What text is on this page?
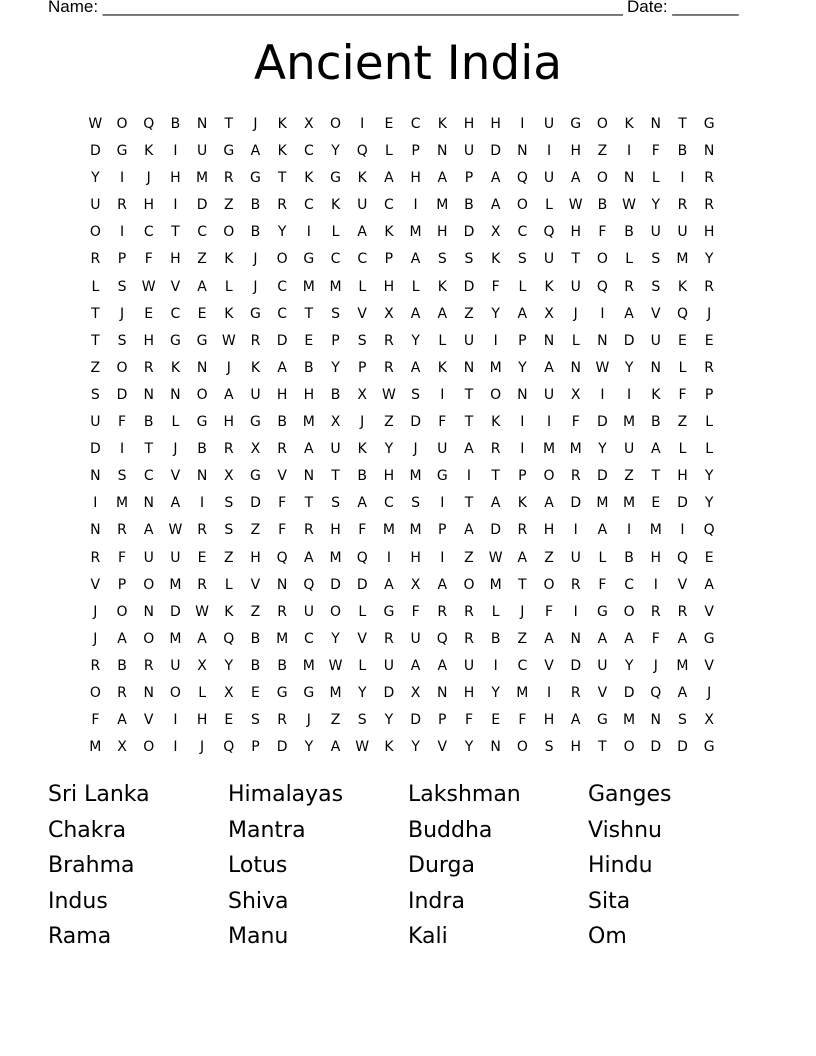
Name: _______________________________________________________ Date: _______
Ancient India
W	O	Q	B	N	T	J	K	X	O	I	E	C	K	H	H	I	U	G	O	K	N	T	G
D	G	K	I	U	G	A	K	C	Y	Q	L	P	N	U	D	N	I	H	Z	I	F	B	N
Y	I	J	H	M	R	G	T	K	G	K	A	H	A	P	A	Q	U	A	O	N	L	I	R
U	R	H	I	D	Z	B	R	C	K	U	C	I	M	B	A	O	L	W	B	W	Y	R	R
O	I	C	T	C	O	B	Y	I	L	A	K	M	H	D	X	C	Q	H	F	B	U	U	H
R	P	F	H	Z	K	J	O	G	C	C	P	A	S	S	K	S	U	T	O	L	S	M	Y
L	S	W	V	A	L	J	C	M	M	L	H	L	K	D	F	L	K	U	Q	R	S	K	R
T	J	E	C	E	K	G	C	T	S	V	X	A	A	Z	Y	A	X	J	I	A	V	Q	J
T	S	H	G	G	W	R	D	E	P	S	R	Y	L	U	I	P	N	L	N	D	U	E	E
Z	O	R	K	N	J	K	A	B	Y	P	R	A	K	N	M	Y	A	N	W	Y	N	L	R
S	D	N	N	O	A	U	H	H	B	X	W	S	I	T	O	N	U	X	I	I	K	F	P
U	F	B	L	G	H	G	B	M	X	J	Z	D	F	T	K	I	I	F	D	M	B	Z	L
D	I	T	J	B	R	X	R	A	U	K	Y	J	U	A	R	I	M	M	Y	U	A	L	L
N	S	C	V	N	X	G	V	N	T	B	H	M	G	I	T	P	O	R	D	Z	T	H	Y
I	M	N	A	I	S	D	F	T	S	A	C	S	I	T	A	K	A	D	M	M	E	D	Y
N	R	A	W	R	S	Z	F	R	H	F	M	M	P	A	D	R	H	I	A	I	M	I	Q
R	F	U	U	E	Z	H	Q	A	M	Q	I	H	I	Z	W	A	Z	U	L	B	H	Q	E
V	P	O	M	R	L	V	N	Q	D	D	A	X	A	O	M	T	O	R	F	C	I	V	A
J	O	N	D	W	K	Z	R	U	O	L	G	F	R	R	L	J	F	I	G	O	R	R	V
J	A	O	M	A	Q	B	M	C	Y	V	R	U	Q	R	B	Z	A	N	A	A	F	A	G
R	B	R	U	X	Y	B	B	M W	L	U	A	A	U	I	C	V	D	U	Y	J	M	V
O	R	N	O	L	X	E	G	G	M	Y	D	X	N	H	Y	M	I	R	V	D	Q	A	J
F	A	V	I	H	E	S	R	J	Z	S	Y	D	P	F	E	F	H	A	G	M	N	S	X
M	X	O	I	J	Q	P	D	Y	A	W	K	Y	V	Y	N	O	S	H	T	O	D	D	G
Sri Lanka	Himalayas	Lakshman	Ganges
Chakra	Mantra	Buddha	Vishnu
Brahma	Lotus	Durga	Hindu
Indus	Shiva	Indra	Sita
Rama	Manu	Kali	Om
